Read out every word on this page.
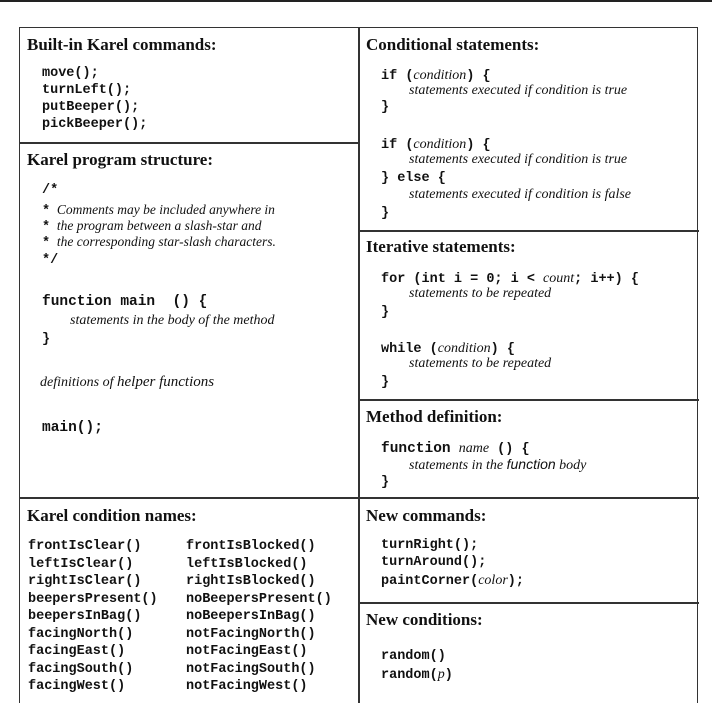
Built-in Karel commands:
move();
turnLeft();
putBeeper();
pickBeeper();
Karel program structure:
/*
* Comments may be included anywhere in
* the program between a slash-star and
* the corresponding star-slash characters.
*/
function main  () {
statements in the body of the method
}
definitions of helper functions
main();
Conditional statements:
if (condition) {
statements executed if condition is true
}
if (condition) {
statements executed if condition is true
} else {
statements executed if condition is false
}
Iterative statements:
for (int i = 0; i < count; i++) {
statements to be repeated
}
while (condition) {
statements to be repeated
}
Method definition:
function name () {
statements in the function body
}
Karel condition names:
frontIsClear()	frontIsBlocked()
leftIsClear()	leftIsBlocked()
rightIsClear()	rightIsBlocked()
beepersPresent() noBeepersPresent()
beepersInBag()	noBeepersInBag()
facingNorth()	notFacingNorth()
facingEast()	notFacingEast()
facingSouth()	notFacingSouth()
facingWest()	notFacingWest()
New commands:
turnRight();
turnAround();
paintCorner(color);
New conditions:
random()
random(p)
